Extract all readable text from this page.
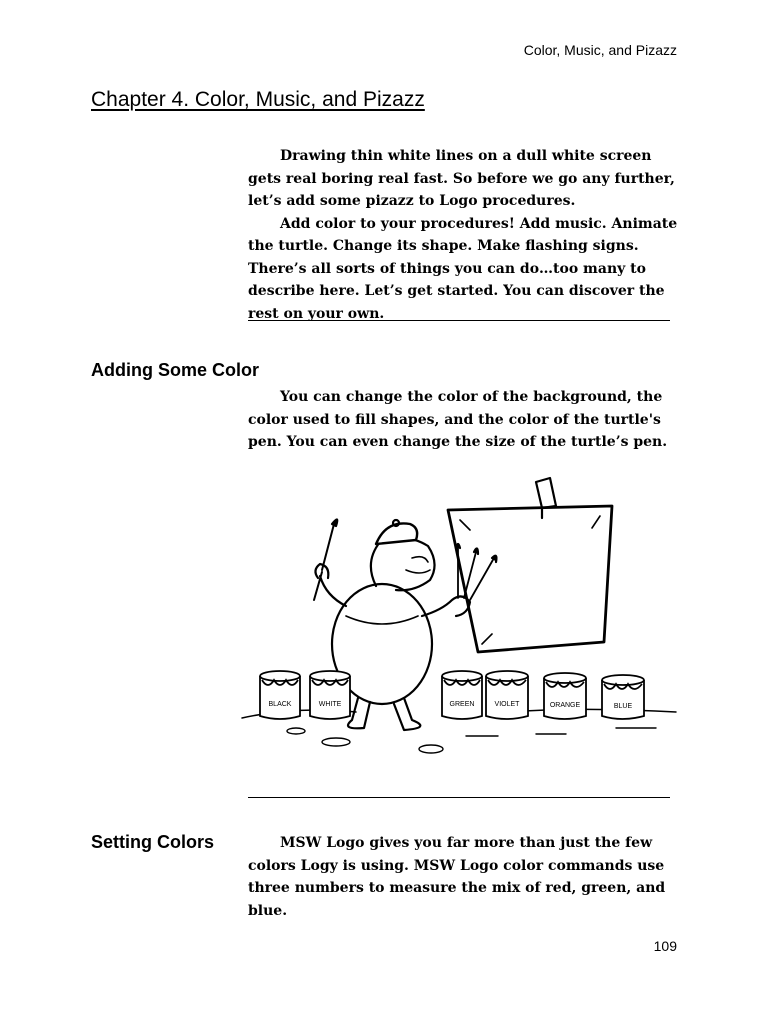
Color, Music, and Pizazz
Chapter 4. Color, Music, and Pizazz

Drawing thin white lines on a dull white screen gets real boring real fast. So before we go any further, let’s add some pizazz to Logo procedures.

Add color to your procedures! Add music. Animate the turtle. Change its shape. Make flashing signs. There’s all sorts of things you can do…too many to describe here. Let’s get started. You can discover the rest on your own.

Adding Some Color

You can change the color of the background, the color used to fill shapes, and the color of the turtle's pen. You can even change the size of the turtle’s pen.

BLACK	WHITE	GREEN	VIOLET	ORANGE	BLUE
Setting Colors	MSW Logo gives you far more than just the few colors Logy is using. MSW Logo color commands use three numbers to measure the mix of red, green, and blue.

109
